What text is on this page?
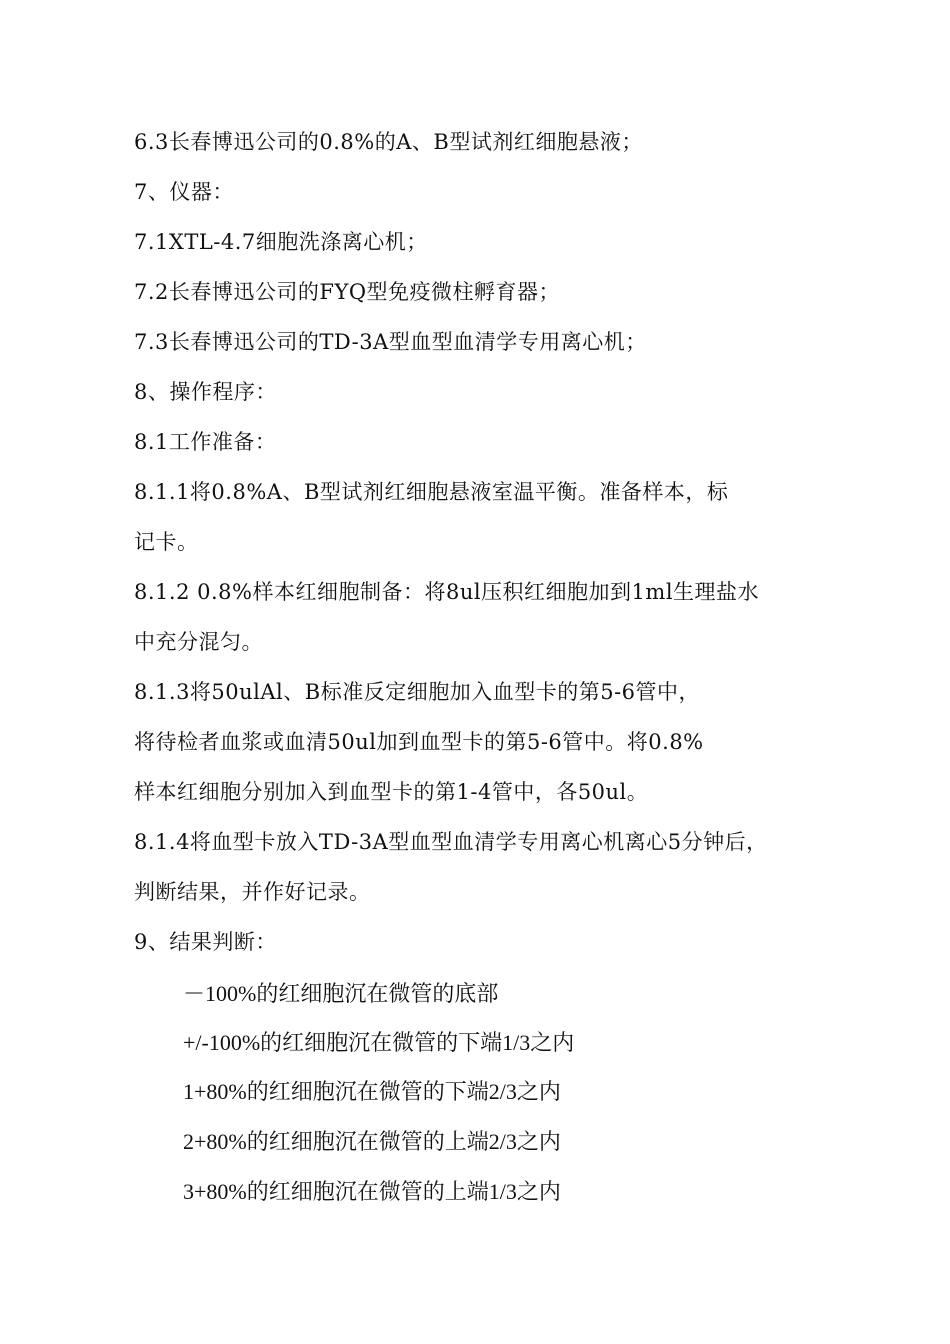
6.3长春博迅公司的0.8%的A、B型试剂红细胞悬液；
7、仪器：
7.1XTL-4.7细胞洗涤离心机；
7.2长春博迅公司的FYQ型免疫微柱孵育器；
7.3长春博迅公司的TD-3A型血型血清学专用离心机；
8、操作程序：
8.1工作准备：
8.1.1将0.8%A、B型试剂红细胞悬液室温平衡。准备样本，标
记卡。
8.1.2 0.8%样本红细胞制备：将8ul压积红细胞加到1ml生理盐水
中充分混匀。
8.1.3将50ulAl、B标准反定细胞加入血型卡的第5-6管中，
将待检者血浆或血清50ul加到血型卡的第5-6管中。将0.8%
样本红细胞分别加入到血型卡的第1-4管中，各50ul。
8.1.4将血型卡放入TD-3A型血型血清学专用离心机离心5分钟后，
判断结果，并作好记录。
9、结果判断：
－100%的红细胞沉在微管的底部
+/-100%的红细胞沉在微管的下端1/3之内
1+80%的红细胞沉在微管的下端2/3之内
2+80%的红细胞沉在微管的上端2/3之内
3+80%的红细胞沉在微管的上端1/3之内
